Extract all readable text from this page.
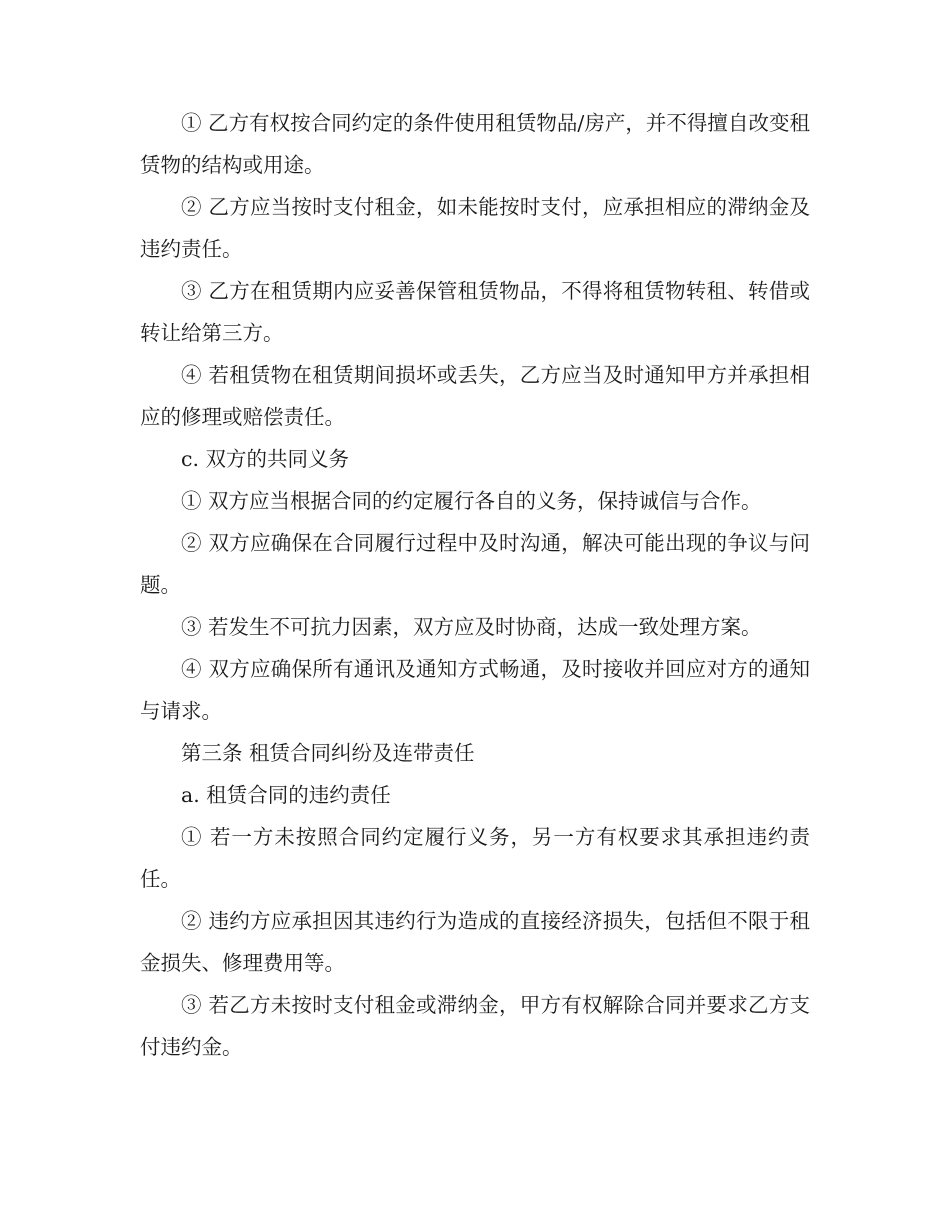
① 乙方有权按合同约定的条件使用租赁物品/房产，并不得擅自改变租赁物的结构或用途。

② 乙方应当按时支付租金，如未能按时支付，应承担相应的滞纳金及违约责任。

③ 乙方在租赁期内应妥善保管租赁物品，不得将租赁物转租、转借或转让给第三方。

④ 若租赁物在租赁期间损坏或丢失，乙方应当及时通知甲方并承担相应的修理或赔偿责任。

c. 双方的共同义务

① 双方应当根据合同的约定履行各自的义务，保持诚信与合作。

② 双方应确保在合同履行过程中及时沟通，解决可能出现的争议与问题。

③ 若发生不可抗力因素，双方应及时协商，达成一致处理方案。

④ 双方应确保所有通讯及通知方式畅通，及时接收并回应对方的通知与请求。

第三条 租赁合同纠纷及连带责任

a. 租赁合同的违约责任

① 若一方未按照合同约定履行义务，另一方有权要求其承担违约责任。

② 违约方应承担因其违约行为造成的直接经济损失，包括但不限于租金损失、修理费用等。

③ 若乙方未按时支付租金或滞纳金，甲方有权解除合同并要求乙方支付违约金。
